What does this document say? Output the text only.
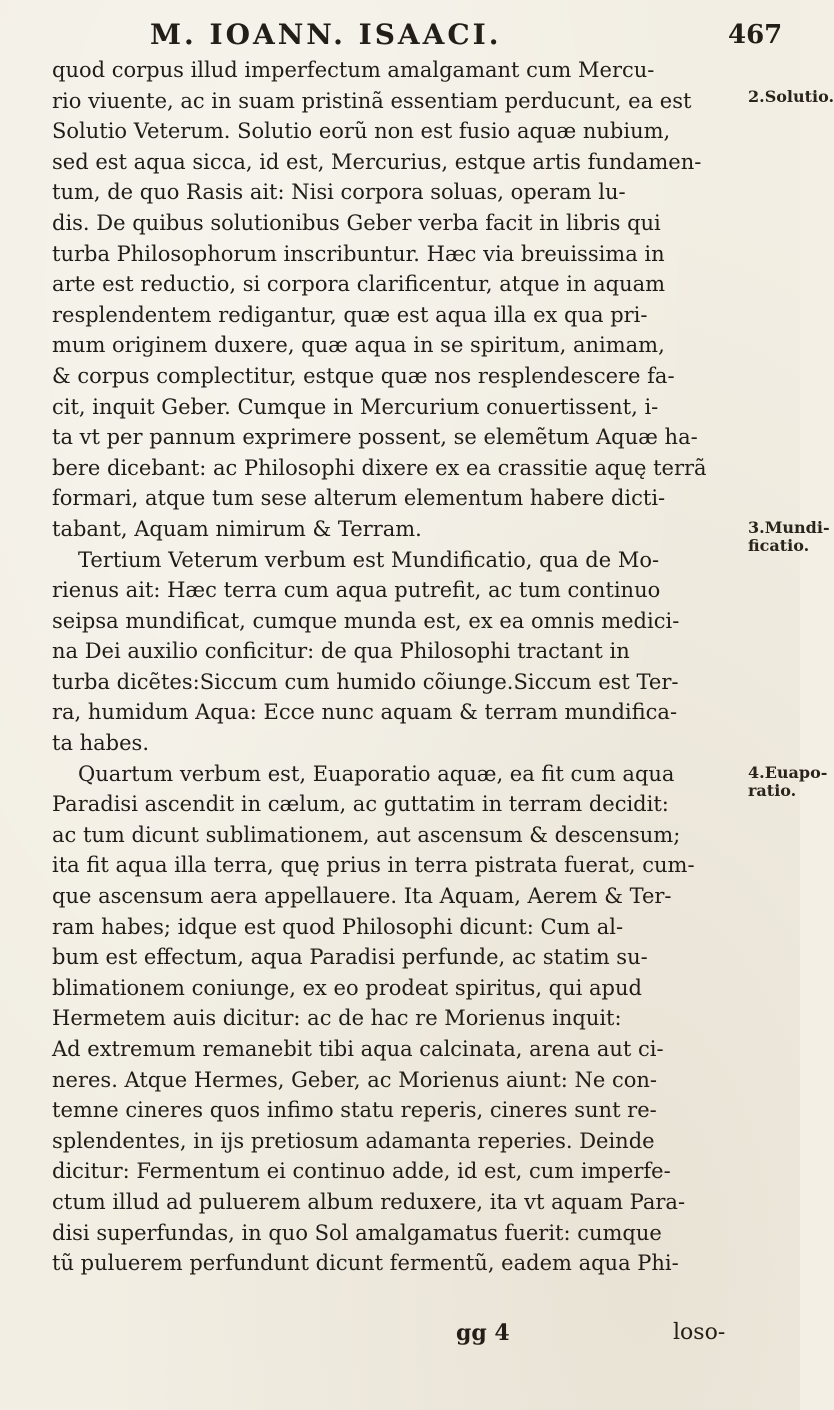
M. IOANN. ISAACI.	467
quod corpus illud imperfectum amalgamant cum Mercu-
rio viuente, ac in suam pristinã essentiam perducunt, ea est
Solutio Veterum. Solutio eorũ non est fusio aquæ nubium,
sed est aqua sicca, id est, Mercurius, estque artis fundamen-
tum, de quo Rasis ait: Nisi corpora soluas, operam lu-
dis. De quibus solutionibus Geber verba facit in libris qui
turba Philosophorum inscribuntur. Hæc via breuissima in
arte est reductio, si corpora clarificentur, atque in aquam
resplendentem redigantur, quæ est aqua illa ex qua pri-
mum originem duxere, quæ aqua in se spiritum, animam,
& corpus complectitur, estque quæ nos resplendescere fa-
cit, inquit Geber. Cumque in Mercurium conuertissent, i-
ta vt per pannum exprimere possent, se elemẽtum Aquæ ha-
bere dicebant: ac Philosophi dixere ex ea crassitie aquę terrã
formari, atque tum sese alterum elementum habere dicti-
tabant, Aquam nimirum & Terram.
Tertium Veterum verbum est Mundificatio, qua de Mo-
rienus ait: Hæc terra cum aqua putrefit, ac tum continuo
seipsa mundificat, cumque munda est, ex ea omnis medici-
na Dei auxilio conficitur: de qua Philosophi tractant in
turba dicẽtes:Siccum cum humido cõiunge.Siccum est Ter-
ra, humidum Aqua: Ecce nunc aquam & terram mundifica-
ta habes.
Quartum verbum est, Euaporatio aquæ, ea fit cum aqua
Paradisi ascendit in cælum, ac guttatim in terram decidit:
ac tum dicunt sublimationem, aut ascensum & descensum;
ita fit aqua illa terra, quę prius in terra pistrata fuerat, cum-
que ascensum aera appellauere. Ita Aquam, Aerem & Ter-
ram habes; idque est quod Philosophi dicunt: Cum al-
bum est effectum, aqua Paradisi perfunde, ac statim su-
blimationem coniunge, ex eo prodeat spiritus, qui apud
Hermetem auis dicitur: ac de hac re Morienus inquit:
Ad extremum remanebit tibi aqua calcinata, arena aut ci-
neres. Atque Hermes, Geber, ac Morienus aiunt: Ne con-
temne cineres quos infimo statu reperis, cineres sunt re-
splendentes, in ijs pretiosum adamanta reperies. Deinde
dicitur: Fermentum ei continuo adde, id est, cum imperfe-
ctum illud ad puluerem album reduxere, ita vt aquam Para-
disi superfundas, in quo Sol amalgamatus fuerit: cumque
tũ puluerem perfundunt dicunt fermentũ, eadem aqua Phi-
2.Solutio.
3.Mundi-
ficatio.
4.Euapo-
ratio.
gg 4	loso-
